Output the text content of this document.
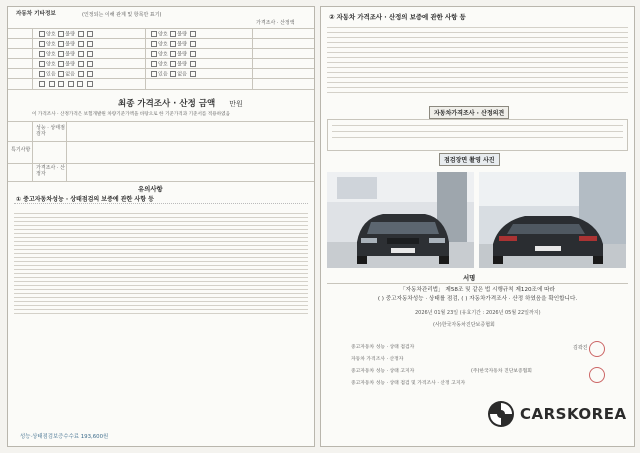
자동차 기타정보	(인정되는 이해 관계 및 항목만 표기)
가격조사 · 산정액
양호 불량
양호 불량
양호 불량
양호 불량
있음 없음
양호 불량
양호 불량
양호 불량
양호 불량
있음 없음

최종 가격조사 · 산정 금액 만원
이 가격조사 · 산정가격은 보험개발원 차량기준가액을 바탕으로 한 기준가격과 기준서를 적용하였음
특기사항
성능 · 상태점검자
가격조사 · 산정자
유의사항
① 중고자동차성능 · 상태점검의 보증에 관한 사항 등
성능·상태점검보증수수료 193,600원
② 자동차 가격조사 · 산정의 보증에 관한 사항 등
자동차가격조사 · 산정의견
점검장면 촬영 사진
서명
「자동차관리법」 제58조 및 같은 법 시행규칙 제120조에 따라
( ) 중고자동차성능 · 상태를 점검, ( ) 자동차가격조사 · 산정 하였음을 확인합니다.
2026년 01월 23일 (유효기간 : 2026년 05월 22일까지)
(사)한국자동차진단보증협회
중고자동차 성능 · 상태 점검자
자동차 가격조사 · 산정자
중고자동차 성능 · 상태 고지자
중고자동차 성능 · 상태 점검 및 가격조사 · 산정 고지자
(주)한국자동차 진단보증협회
김곽진
CARSKOREA
